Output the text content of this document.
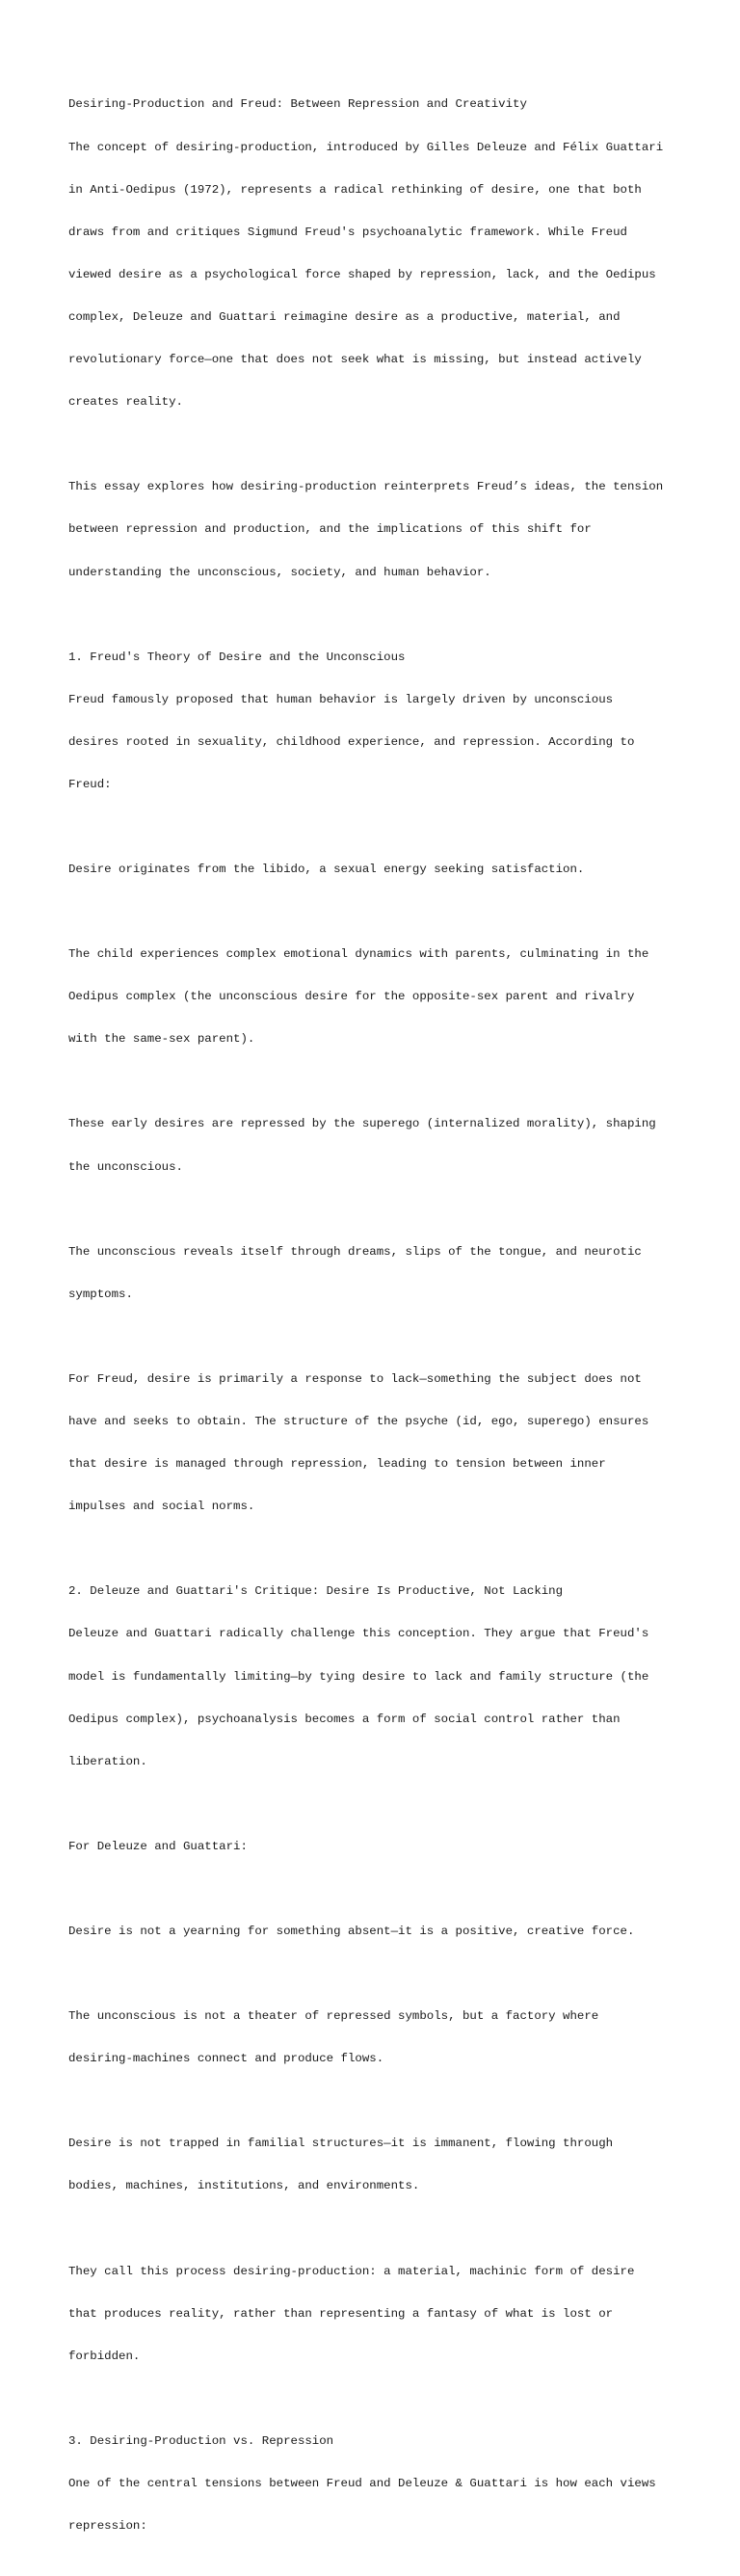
Desiring-Production and Freud: Between Repression and Creativity

The concept of desiring-production, introduced by Gilles Deleuze and Félix Guattari

in Anti-Oedipus (1972), represents a radical rethinking of desire, one that both

draws from and critiques Sigmund Freud's psychoanalytic framework. While Freud

viewed desire as a psychological force shaped by repression, lack, and the Oedipus

complex, Deleuze and Guattari reimagine desire as a productive, material, and

revolutionary force—one that does not seek what is missing, but instead actively

creates reality.

This essay explores how desiring-production reinterprets Freud’s ideas, the tension

between repression and production, and the implications of this shift for

understanding the unconscious, society, and human behavior.

1. Freud's Theory of Desire and the Unconscious

Freud famously proposed that human behavior is largely driven by unconscious

desires rooted in sexuality, childhood experience, and repression. According to

Freud:

Desire originates from the libido, a sexual energy seeking satisfaction.

The child experiences complex emotional dynamics with parents, culminating in the

Oedipus complex (the unconscious desire for the opposite-sex parent and rivalry

with the same-sex parent).

These early desires are repressed by the superego (internalized morality), shaping

the unconscious.

The unconscious reveals itself through dreams, slips of the tongue, and neurotic

symptoms.

For Freud, desire is primarily a response to lack—something the subject does not

have and seeks to obtain. The structure of the psyche (id, ego, superego) ensures

that desire is managed through repression, leading to tension between inner

impulses and social norms.

2. Deleuze and Guattari's Critique: Desire Is Productive, Not Lacking

Deleuze and Guattari radically challenge this conception. They argue that Freud's

model is fundamentally limiting—by tying desire to lack and family structure (the

Oedipus complex), psychoanalysis becomes a form of social control rather than

liberation.

For Deleuze and Guattari:

Desire is not a yearning for something absent—it is a positive, creative force.

The unconscious is not a theater of repressed symbols, but a factory where

desiring-machines connect and produce flows.

Desire is not trapped in familial structures—it is immanent, flowing through

bodies, machines, institutions, and environments.

They call this process desiring-production: a material, machinic form of desire

that produces reality, rather than representing a fantasy of what is lost or

forbidden.

3. Desiring-Production vs. Repression

One of the central tensions between Freud and Deleuze & Guattari is how each views

repression:
